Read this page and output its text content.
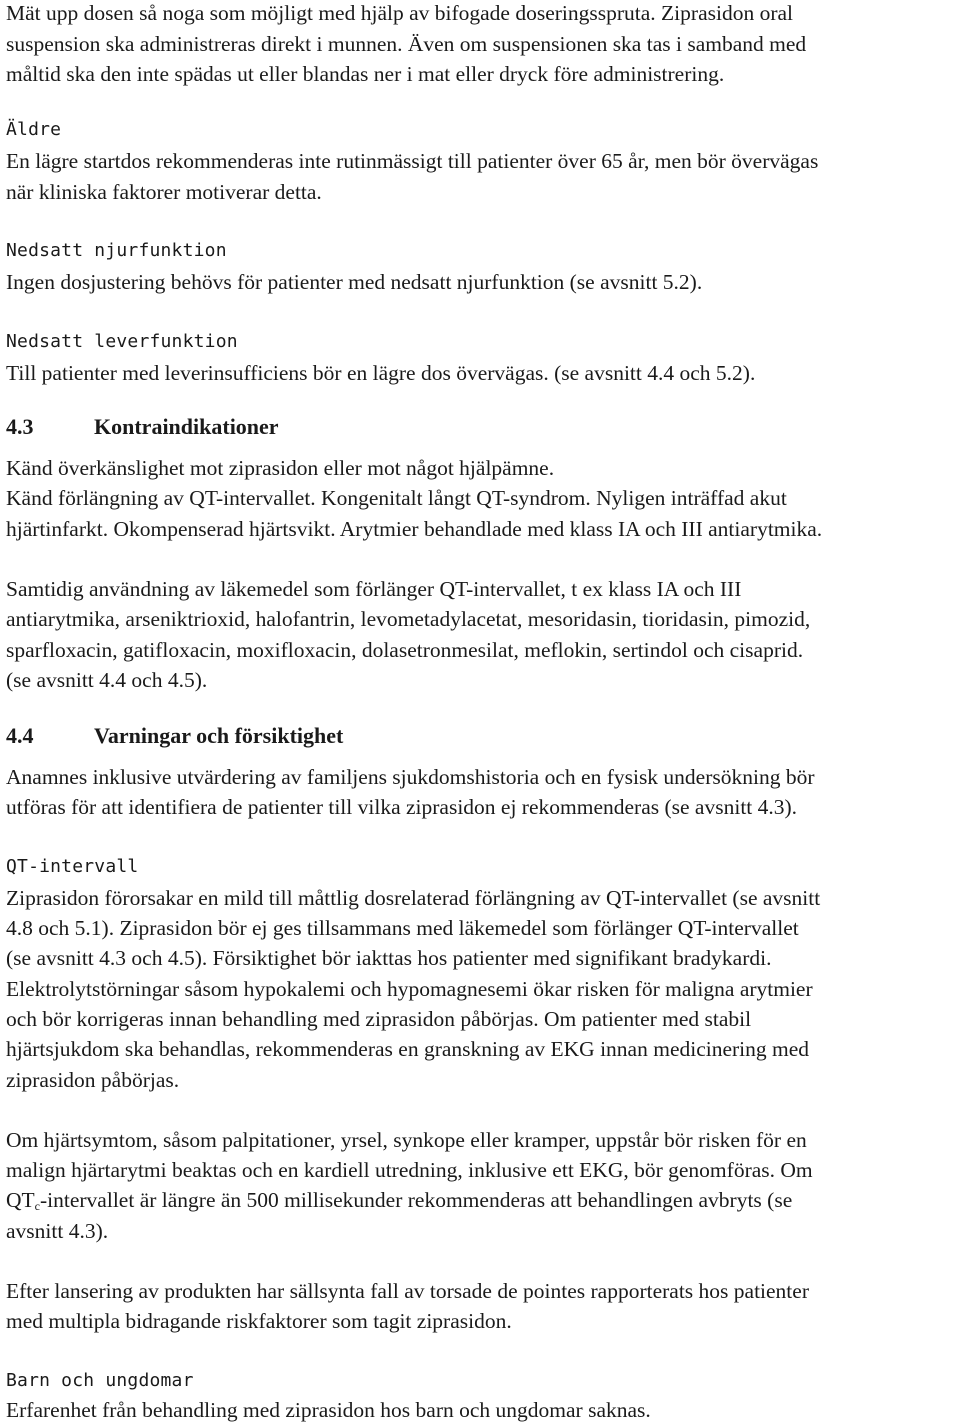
Mät upp dosen så noga som möjligt med hjälp av bifogade doseringsspruta. Ziprasidon oral
suspension ska administreras direkt i munnen. Även om suspensionen ska tas i samband med
måltid ska den inte spädas ut eller blandas ner i mat eller dryck före administrering.
Äldre
En lägre startdos rekommenderas inte rutinmässigt till patienter över 65 år, men bör övervägas
när kliniska faktorer motiverar detta.
Nedsatt njurfunktion
Ingen dosjustering behövs för patienter med nedsatt njurfunktion (se avsnitt 5.2).
Nedsatt leverfunktion
Till patienter med leverinsufficiens bör en lägre dos övervägas. (se avsnitt 4.4 och 5.2).
4.3	Kontraindikationer
Känd överkänslighet mot ziprasidon eller mot något hjälpämne.
Känd förlängning av QT-intervallet. Kongenitalt långt QT-syndrom. Nyligen inträffad akut
hjärtinfarkt. Okompenserad hjärtsvikt. Arytmier behandlade med klass IA och III antiarytmika.
Samtidig användning av läkemedel som förlänger QT-intervallet, t ex klass IA och III
antiarytmika, arseniktrioxid, halofantrin, levometadylacetat, mesoridasin, tioridasin, pimozid,
sparfloxacin, gatifloxacin, moxifloxacin, dolasetronmesilat, meflokin, sertindol och cisaprid.
(se avsnitt 4.4 och 4.5).
4.4	Varningar och försiktighet
Anamnes inklusive utvärdering av familjens sjukdomshistoria och en fysisk undersökning bör
utföras för att identifiera de patienter till vilka ziprasidon ej rekommenderas (se avsnitt 4.3).
QT-intervall
Ziprasidon förorsakar en mild till måttlig dosrelaterad förlängning av QT-intervallet (se avsnitt
4.8 och 5.1). Ziprasidon bör ej ges tillsammans med läkemedel som förlänger QT-intervallet
(se avsnitt 4.3 och 4.5). Försiktighet bör iakttas hos patienter med signifikant bradykardi.
Elektrolytstörningar såsom hypokalemi och hypomagnesemi ökar risken för maligna arytmier
och bör korrigeras innan behandling med ziprasidon påbörjas. Om patienter med stabil
hjärtsjukdom ska behandlas, rekommenderas en granskning av EKG innan medicinering med
ziprasidon påbörjas.
Om hjärtsymtom, såsom palpitationer, yrsel, synkope eller kramper, uppstår bör risken för en
malign hjärtarytmi beaktas och en kardiell utredning, inklusive ett EKG, bör genomföras. Om
$QT_c$-intervallet är längre än 500 millisekunder rekommenderas att behandlingen avbryts (se
avsnitt 4.3).
Efter lansering av produkten har sällsynta fall av torsade de pointes rapporterats hos patienter
med multipla bidragande riskfaktorer som tagit ziprasidon.
Barn och ungdomar
Erfarenhet från behandling med ziprasidon hos barn och ungdomar saknas.
